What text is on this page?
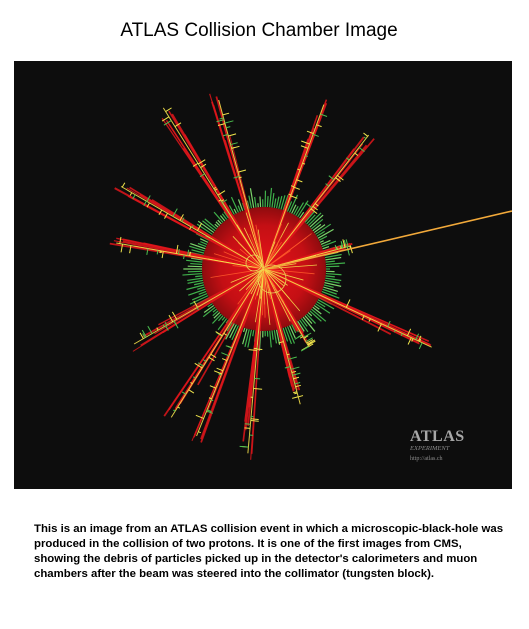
ATLAS Collision Chamber Image
ATLAS
EXPERIMENT
http://atlas.ch
This is an image from an ATLAS collision event in which a microscopic-black-hole was produced in the collision of two protons. It is one of the first images from CMS, showing the debris of particles picked up in the detector's calorimeters and muon chambers after the beam was steered into the collimator (tungsten block).
